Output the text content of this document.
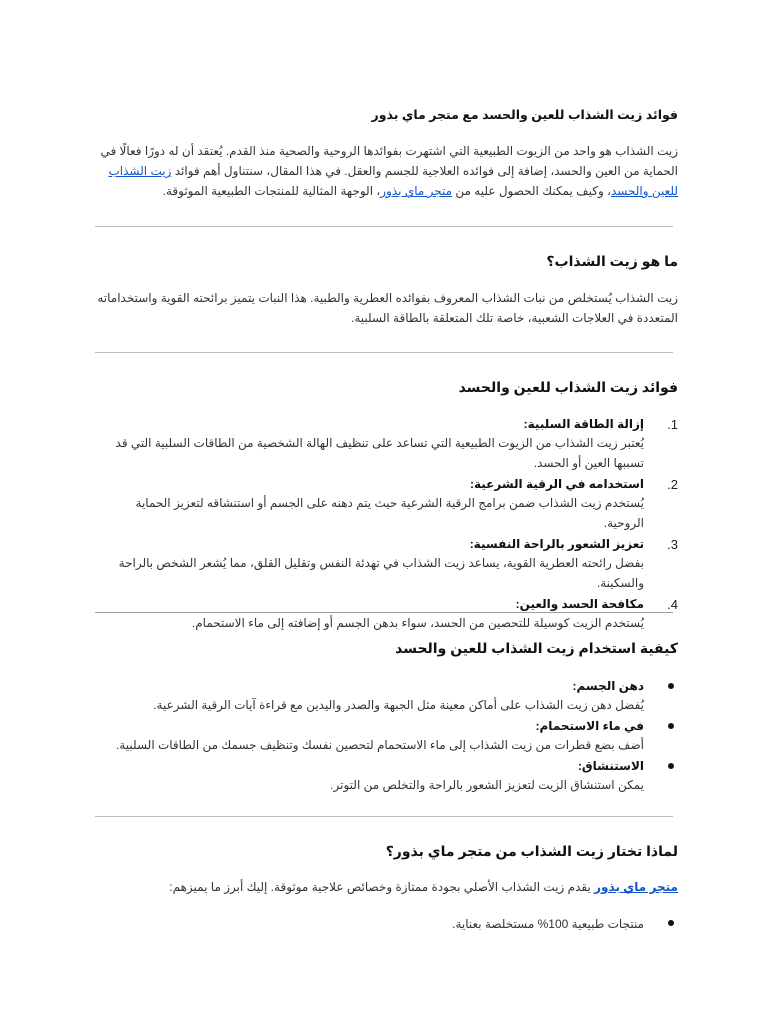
فوائد زيت الشذاب للعين والحسد مع متجر ماي بذور

زيت الشذاب هو واحد من الزيوت الطبيعية التي اشتهرت بفوائدها الروحية والصحية منذ القدم. يُعتقد أن له دورًا فعالًا في الحماية من العين والحسد، إضافة إلى فوائده العلاجية للجسم والعقل. في هذا المقال، سنتناول أهم فوائد زيت الشذاب للعين والحسد، وكيف يمكنك الحصول عليه من متجر ماي بذور، الوجهة المثالية للمنتجات الطبيعية الموثوقة.

ما هو زيت الشذاب؟

زيت الشذاب يُستخلص من نبات الشذاب المعروف بفوائده العطرية والطبية. هذا النبات يتميز برائحته القوية واستخداماته المتعددة في العلاجات الشعبية، خاصة تلك المتعلقة بالطاقة السلبية.

فوائد زيت الشذاب للعين والحسد
1.
إزالة الطاقة السلبية:
يُعتبر زيت الشذاب من الزيوت الطبيعية التي تساعد على تنظيف الهالة الشخصية من الطاقات السلبية التي قد تسببها العين أو الحسد.
2.
استخدامه في الرقية الشرعية:
يُستخدم زيت الشذاب ضمن برامج الرقية الشرعية حيث يتم دهنه على الجسم أو استنشاقه لتعزيز الحماية الروحية.
3.
تعزيز الشعور بالراحة النفسية:
بفضل رائحته العطرية القوية، يساعد زيت الشذاب في تهدئة النفس وتقليل القلق، مما يُشعر الشخص بالراحة والسكينة.
4.
مكافحة الحسد والعين:
يُستخدم الزيت كوسيلة للتحصين من الحسد، سواء بدهن الجسم أو إضافته إلى ماء الاستحمام.
كيفية استخدام زيت الشذاب للعين والحسد
دهن الجسم:
يُفضل دهن زيت الشذاب على أماكن معينة مثل الجبهة والصدر واليدين مع قراءة آيات الرقية الشرعية.
في ماء الاستحمام:
أضف بضع قطرات من زيت الشذاب إلى ماء الاستحمام لتحصين نفسك وتنظيف جسمك من الطاقات السلبية.
الاستنشاق:
يمكن استنشاق الزيت لتعزيز الشعور بالراحة والتخلص من التوتر.
لماذا تختار زيت الشذاب من متجر ماي بذور؟

متجر ماي بذور يقدم زيت الشذاب الأصلي بجودة ممتازة وخصائص علاجية موثوقة. إليك أبرز ما يميزهم:

منتجات طبيعية 100% مستخلصة بعناية.
